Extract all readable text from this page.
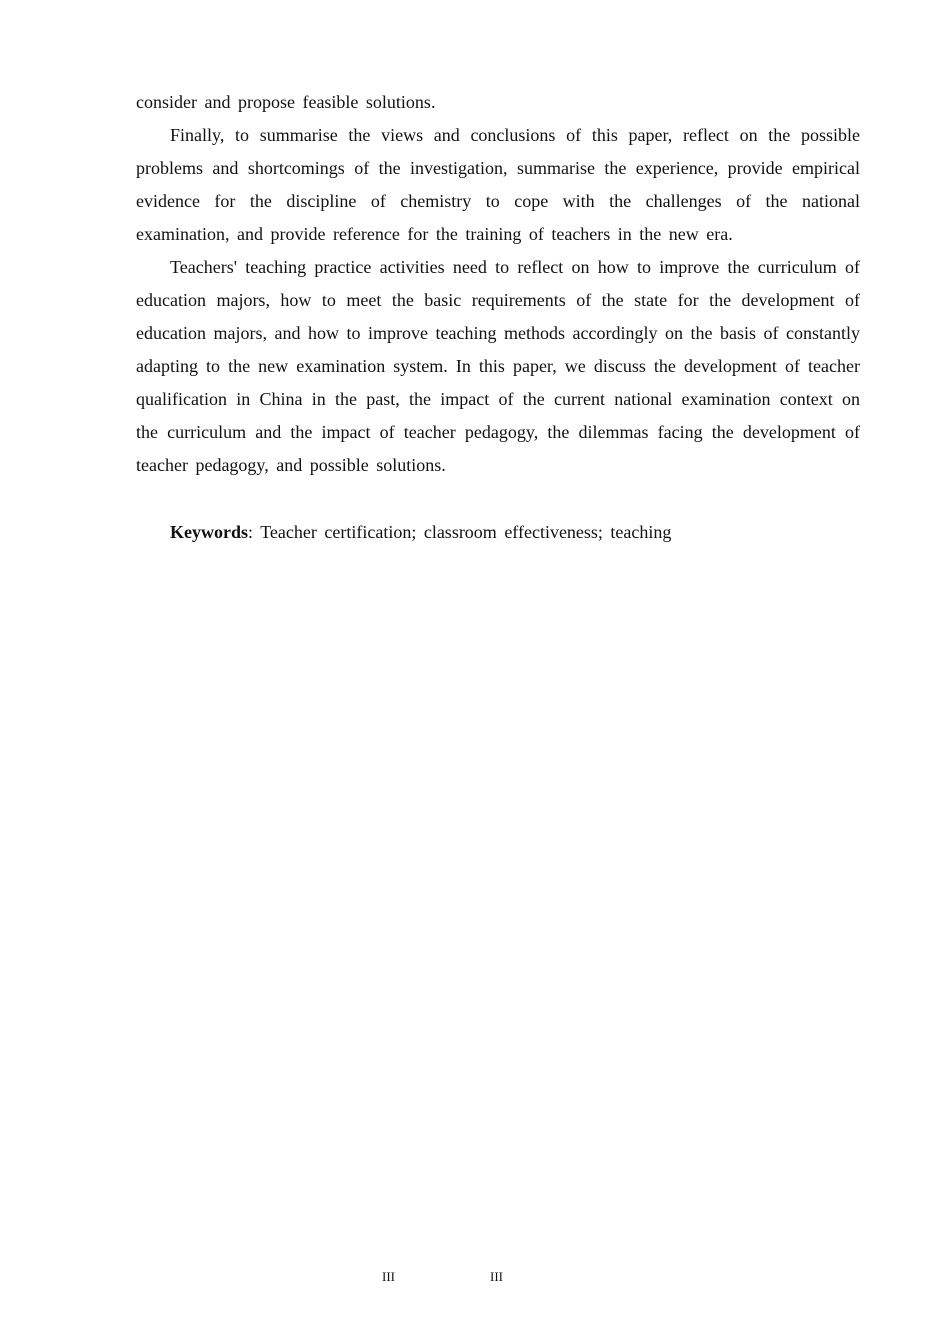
consider and propose feasible solutions.

Finally, to summarise the views and conclusions of this paper, reflect on the possible problems and shortcomings of the investigation, summarise the experience, provide empirical evidence for the discipline of chemistry to cope with the challenges of the national examination, and provide reference for the training of teachers in the new era.

Teachers' teaching practice activities need to reflect on how to improve the curriculum of education majors, how to meet the basic requirements of the state for the development of education majors, and how to improve teaching methods accordingly on the basis of constantly adapting to the new examination system. In this paper, we discuss the development of teacher qualification in China in the past, the impact of the current national examination context on the curriculum and the impact of teacher pedagogy, the dilemmas facing the development of teacher pedagogy, and possible solutions.

Keywords: Teacher certification; classroom effectiveness; teaching

III	III
